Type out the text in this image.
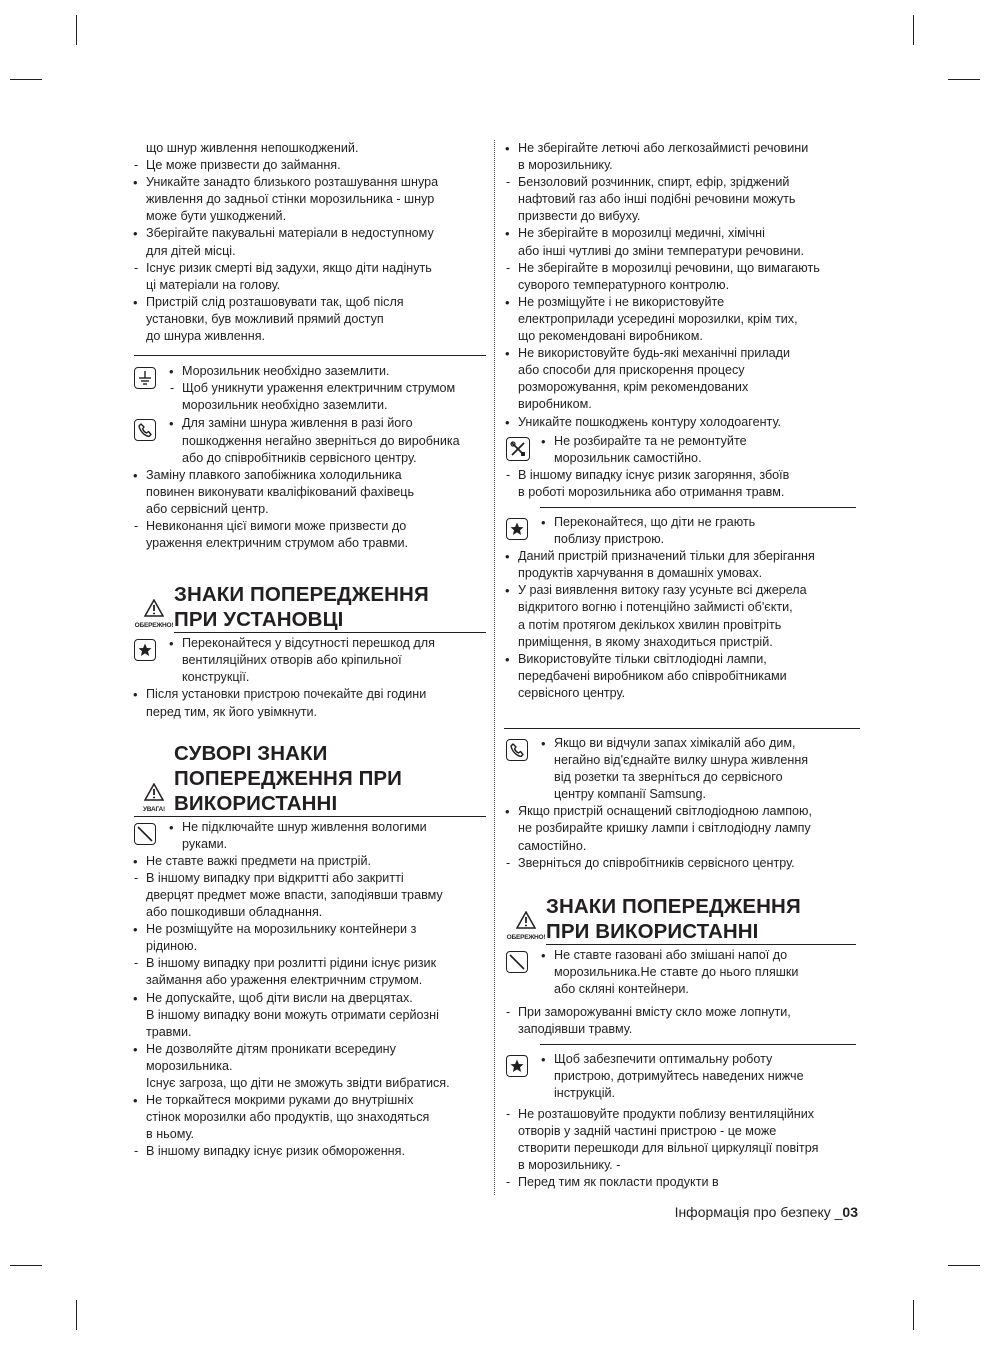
що шнур живлення непошкоджений.
- Це може призвести до займання.
• Уникайте занадто близького розташування шнура
живлення до задньої стінки морозильника - шнур
може бути ушкоджений.
• Зберігайте пакувальні матеріали в недоступному
для дітей місці.
- Існує ризик смерті від задухи, якщо діти надінуть
ці матеріали на голову.
• Пристрій слід розташовувати так, щоб після
установки, був можливий прямий доступ
до шнура живлення.
• Морозильник необхідно заземлити.
- Щоб уникнути ураження електричним струмом
морозильник необхідно заземлити.
• Для заміни шнура живлення в разі його
пошкодження негайно зверніться до виробника
або до співробітників сервісного центру.
• Заміну плавкого запобіжника холодильника
повинен виконувати кваліфікований фахівець
або сервісний центр.
- Невиконання цієї вимоги може призвести до
ураження електричним струмом або травми.
ОБЕРЕЖНО!
ЗНАКИ ПОПЕРЕДЖЕННЯ
ПРИ УСТАНОВЦІ
• Переконайтеся у відсутності перешкод для
вентиляційних отворів або кріпильної
конструкції.
• Після установки пристрою почекайте дві години
перед тим, як його увімкнути.
УВАГА!
СУВОРІ ЗНАКИ
ПОПЕРЕДЖЕННЯ ПРИ
ВИКОРИСТАННІ
• Не підключайте шнур живлення вологими
руками.
• Не ставте важкі предмети на пристрій.
- В іншому випадку при відкритті або закритті
дверцят предмет може впасти, заподіявши травму
або пошкодивши обладнання.
• Не розміщуйте на морозильнику контейнери з
рідиною.
- В іншому випадку при розлитті рідини існує ризик
займання або ураження електричним струмом.
• Не допускайте, щоб діти висли на дверцятах.
В іншому випадку вони можуть отримати серйозні
травми.
• Не дозволяйте дітям проникати всередину
морозильника.
Існує загроза, що діти не зможуть звідти вибратися.
• Не торкайтеся мокрими руками до внутрішніх
стінок морозилки або продуктів, що знаходяться
в ньому.
- В іншому випадку існує ризик обмороження.
• Не зберігайте летючі або легкозаймисті речовини
в морозильнику.
- Бензоловий розчинник, спирт, ефір, зріджений
нафтовий газ або інші подібні речовини можуть
призвести до вибуху.
• Не зберігайте в морозилці медичні, хімічні
або інші чутливі до зміни температури речовини.
- Не зберігайте в морозилці речовини, що вимагають
суворого температурного контролю.
• Не розміщуйте і не використовуйте
електроприлади усередині морозилки, крім тих,
що рекомендовані виробником.
• Не використовуйте будь-які механічні прилади
або способи для прискорення процесу
розморожування, крім рекомендованих
виробником.
• Уникайте пошкоджень контуру холодоагенту.
• Не розбирайте та не ремонтуйте
морозильник самостійно.
- В іншому випадку існує ризик загоряння, збоїв
в роботі морозильника або отримання травм.
• Переконайтеся, що діти не грають
поблизу пристрою.
• Даний пристрій призначений тільки для зберігання
продуктів харчування в домашніх умовах.
• У разі виявлення витоку газу усуньте всі джерела
відкритого вогню і потенційно займисті об'єкти,
а потім протягом декількох хвилин провітріть
приміщення, в якому знаходиться пристрій.
• Використовуйте тільки світлодіодні лампи,
передбачені виробником або співробітниками
сервісного центру.
• Якщо ви відчули запах хімікалій або дим,
негайно від'єднайте вилку шнура живлення
від розетки та зверніться до сервісного
центру компанії Samsung.
• Якщо пристрій оснащений світлодіодною лампою,
не розбирайте кришку лампи і світлодіодну лампу
самостійно.
- Зверніться до співробітників сервісного центру.
ОБЕРЕЖНО!
ЗНАКИ ПОПЕРЕДЖЕННЯ
ПРИ ВИКОРИСТАННІ
• Не ставте газовані або змішані напої до
морозильника.Не ставте до нього пляшки
або скляні контейнери.
- При заморожуванні вмісту скло може лопнути,
заподіявши травму.
• Щоб забезпечити оптимальну роботу
пристрою, дотримуйтесь наведених нижче
інструкцій.
- Не розташовуйте продукти поблизу вентиляційних
отворів у задній частині пристрою - це може
створити перешкоди для вільної циркуляції повітря
в морозильнику. -
- Перед тим як покласти продукти в
Інформація про безпеку _03
